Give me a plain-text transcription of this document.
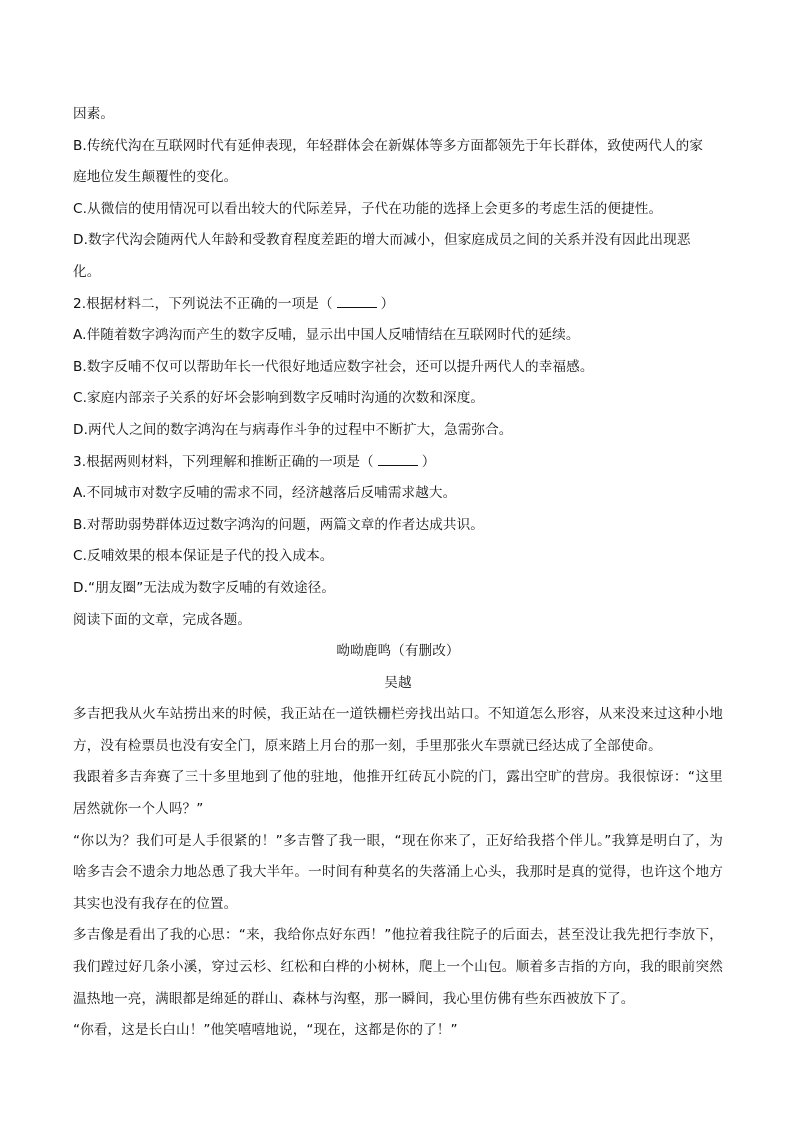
因素。
B.传统代沟在互联网时代有延伸表现，年轻群体会在新媒体等多方面都领先于年长群体，致使两代人的家
庭地位发生颠覆性的变化。
C.从微信的使用情况可以看出较大的代际差异，子代在功能的选择上会更多的考虑生活的便捷性。
D.数字代沟会随两代人年龄和受教育程度差距的增大而减小，但家庭成员之间的关系并没有因此出现恶
化。
2.根据材料二，下列说法不正确的一项是（	）
A.伴随着数字鸿沟而产生的数字反哺，显示出中国人反哺情结在互联网时代的延续。
B.数字反哺不仅可以帮助年长一代很好地适应数字社会，还可以提升两代人的幸福感。
C.家庭内部亲子关系的好坏会影响到数字反哺时沟通的次数和深度。
D.两代人之间的数字鸿沟在与病毒作斗争的过程中不断扩大，急需弥合。
3.根据两则材料，下列理解和推断正确的一项是（	）
A.不同城市对数字反哺的需求不同，经济越落后反哺需求越大。
B.对帮助弱势群体迈过数字鸿沟的问题，两篇文章的作者达成共识。
C.反哺效果的根本保证是子代的投入成本。
D.“朋友圈”无法成为数字反哺的有效途径。
阅读下面的文章，完成各题。
呦呦鹿鸣（有删改）
吴越
多吉把我从火车站捞出来的时候，我正站在一道铁栅栏旁找出站口。不知道怎么形容，从来没来过这种小地方，没有检票员也没有安全门，原来踏上月台的那一刻，手里那张火车票就已经达成了全部使命。
我跟着多吉奔赛了三十多里地到了他的驻地，他推开红砖瓦小院的门，露出空旷的营房。我很惊讶：“这里居然就你一个人吗？”
“你以为？我们可是人手很紧的！”多吉瞥了我一眼，“现在你来了，正好给我搭个伴儿。”我算是明白了，为啥多吉会不遗余力地怂恿了我大半年。一时间有种莫名的失落涌上心头，我那时是真的觉得，也许这个地方其实也没有我存在的位置。
多吉像是看出了我的心思：“来，我给你点好东西！”他拉着我往院子的后面去，甚至没让我先把行李放下，我们蹚过好几条小溪，穿过云杉、红松和白桦的小树林，爬上一个山包。顺着多吉指的方向，我的眼前突然温热地一亮，满眼都是绵延的群山、森林与沟壑，那一瞬间，我心里仿佛有些东西被放下了。
“你看，这是长白山！”他笑嘻嘻地说，“现在，这都是你的了！”
